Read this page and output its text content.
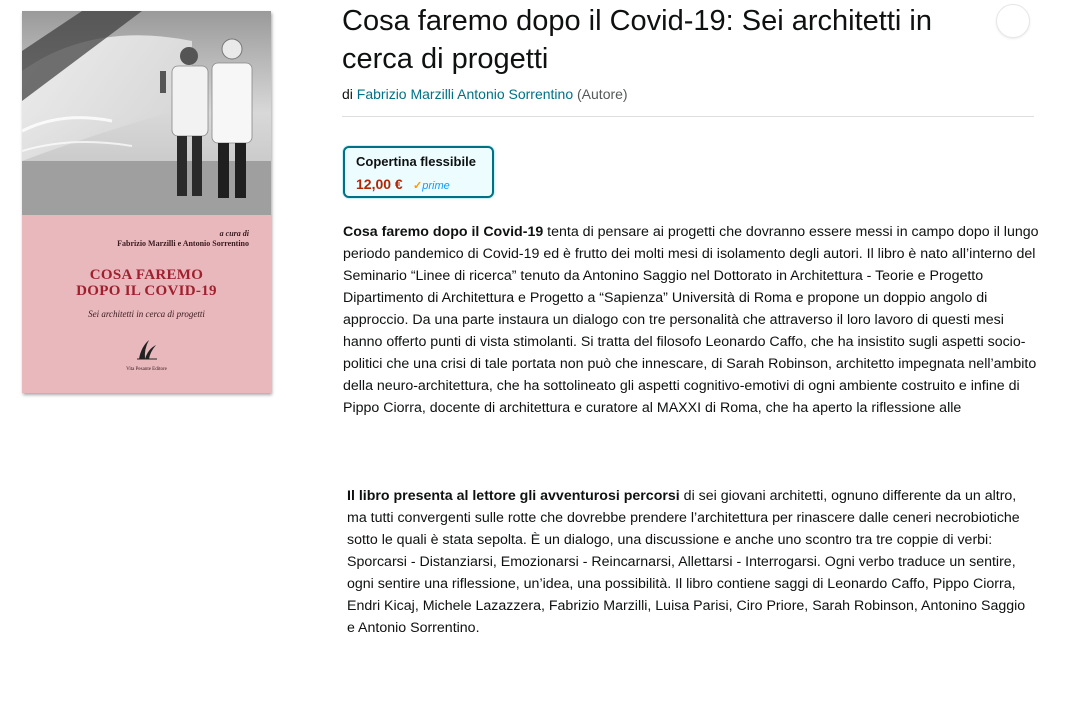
a cura di
Fabrizio Marzilli e Antonio Sorrentino
COSA FAREMO
DOPO IL COVID-19
Sei architetti in cerca di progetti
Vita Pesante Editore
Cosa faremo dopo il Covid-19: Sei architetti in cerca di progetti
di Fabrizio Marzilli Antonio Sorrentino (Autore)
Copertina flessibile
12,00 € ✓prime
Cosa faremo dopo il Covid-19 tenta di pensare ai progetti che dovranno essere messi in campo dopo il lungo periodo pandemico di Covid-19 ed è frutto dei molti mesi di isolamento degli autori. Il libro è nato all’interno del Seminario “Linee di ricerca” tenuto da Antonino Saggio nel Dottorato in Architettura - Teorie e Progetto Dipartimento di Architettura e Progetto a “Sapienza” Università di Roma e propone un doppio angolo di approccio. Da una parte instaura un dialogo con tre personalità che attraverso il loro lavoro di questi mesi hanno offerto punti di vista stimolanti. Si tratta del filosofo Leonardo Caffo, che ha insistito sugli aspetti socio-politici che una crisi di tale portata non può che innescare, di Sarah Robinson, architetto impegnata nell’ambito della neuro-architettura, che ha sottolineato gli aspetti cognitivo-emotivi di ogni ambiente costruito e infine di Pippo Ciorra, docente di architettura e curatore al MAXXI di Roma, che ha aperto la riflessione alle
Il libro presenta al lettore gli avventurosi percorsi di sei giovani architetti, ognuno differente da un altro, ma tutti convergenti sulle rotte che dovrebbe prendere l’architettura per rinascere dalle ceneri necrobiotiche sotto le quali è stata sepolta. È un dialogo, una discussione e anche uno scontro tra tre coppie di verbi: Sporcarsi - Distanziarsi, Emozionarsi - Reincarnarsi, Allettarsi - Interrogarsi. Ogni verbo traduce un sentire, ogni sentire una riflessione, un’idea, una possibilità. Il libro contiene saggi di Leonardo Caffo, Pippo Ciorra, Endri Kicaj, Michele Lazazzera, Fabrizio Marzilli, Luisa Parisi, Ciro Priore, Sarah Robinson, Antonino Saggio e Antonio Sorrentino.
